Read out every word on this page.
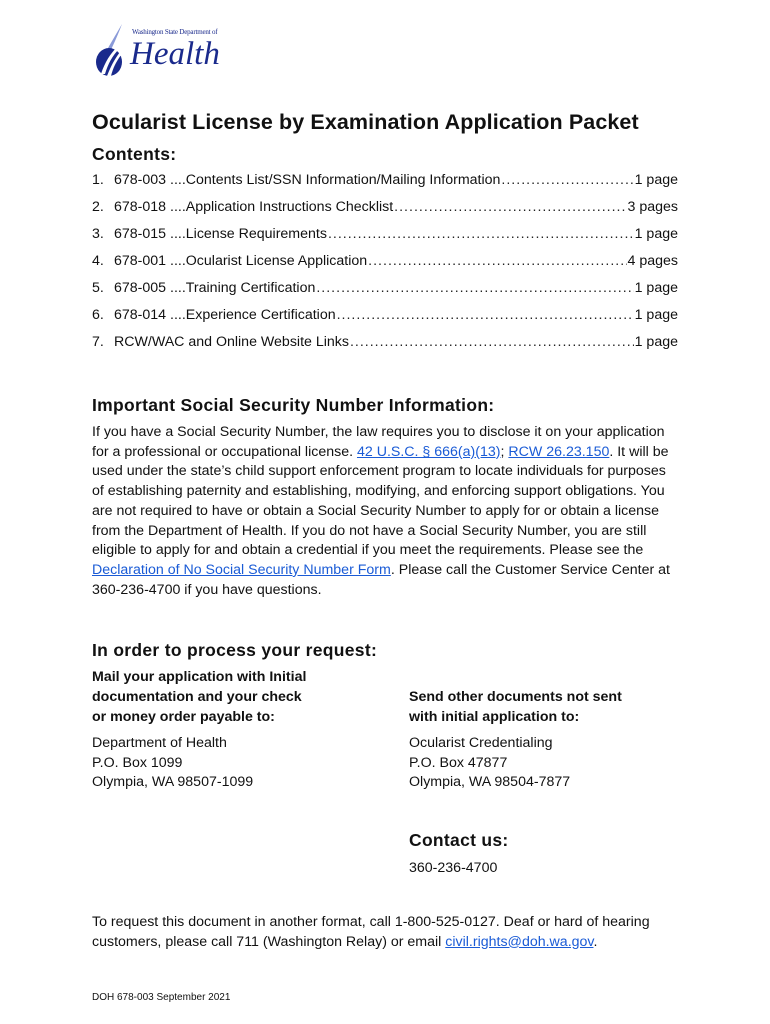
Washington State Department of
Health
Ocularist License by Examination Application Packet
Contents:
1. 678-003 ....Contents List/SSN Information/Mailing Information .....	1 page
2. 678-018 ....Application Instructions Checklist .....	3 pages
3. 678-015 ....License Requirements .....	1 page
4. 678-001 ....Ocularist License Application .....	4 pages
5. 678-005 ....Training Certification .....	1 page
6. 678-014 ....Experience Certification .....	1 page
7. RCW/WAC and Online Website Links .....	1 page
Important Social Security Number Information:
If you have a Social Security Number, the law requires you to disclose it on your application for a professional or occupational license. 42 U.S.C. § 666(a)(13); RCW 26.23.150. It will be used under the state’s child support enforcement program to locate individuals for purposes of establishing paternity and establishing, modifying, and enforcing support obligations. You are not required to have or obtain a Social Security Number to apply for or obtain a license from the Department of Health. If you do not have a Social Security Number, you are still eligible to apply for and obtain a credential if you meet the requirements. Please see the Declaration of No Social Security Number Form. Please call the Customer Service Center at 360-236-4700 if you have questions.
In order to process your request:
Mail your application with Initial
documentation and your check
or money order payable to:
Send other documents not sent
with initial application to:
Department of Health
P.O. Box 1099
Olympia, WA 98507-1099
Ocularist Credentialing
P.O. Box 47877
Olympia, WA 98504-7877
Contact us:
360-236-4700
To request this document in another format, call 1-800-525-0127. Deaf or hard of hearing customers, please call 711 (Washington Relay) or email civil.rights@doh.wa.gov.
DOH 678-003 September 2021
